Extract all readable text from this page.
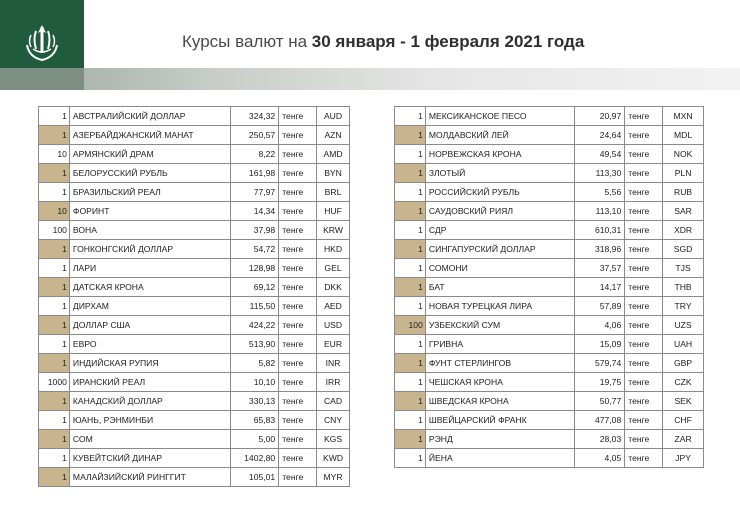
Курсы валют на 30 января - 1 февраля 2021 года
1	АВСТРАЛИЙСКИЙ ДОЛЛАР	324,32	тенге	AUD
1	АЗЕРБАЙДЖАНСКИЙ МАНАТ	250,57	тенге	AZN
10	АРМЯНСКИЙ ДРАМ	8,22	тенге	AMD
1	БЕЛОРУССКИЙ РУБЛЬ	161,98	тенге	BYN
1	БРАЗИЛЬСКИЙ РЕАЛ	77,97	тенге	BRL
10	ФОРИНТ	14,34	тенге	HUF
100	ВОНА	37,98	тенге	KRW
1	ГОНКОНГСКИЙ ДОЛЛАР	54,72	тенге	HKD
1	ЛАРИ	128,98	тенге	GEL
1	ДАТСКАЯ КРОНА	69,12	тенге	DKK
1	ДИРХАМ	115,50	тенге	AED
1	ДОЛЛАР США	424,22	тенге	USD
1	ЕВРО	513,90	тенге	EUR
1	ИНДИЙСКАЯ РУПИЯ	5,82	тенге	INR
1000	ИРАНСКИЙ РЕАЛ	10,10	тенге	IRR
1	КАНАДСКИЙ ДОЛЛАР	330,13	тенге	CAD
1	ЮАНЬ, РЭНМИНБИ	65,83	тенге	CNY
1	СОМ	5,00	тенге	KGS
1	КУВЕЙТСКИЙ ДИНАР	1402,80	тенге	KWD
1	МАЛАЙЗИЙСКИЙ РИНГГИТ	105,01	тенге	MYR
1	МЕКСИКАНСКОЕ ПЕСО	20,97	тенге	MXN
1	МОЛДАВСКИЙ ЛЕЙ	24,64	тенге	MDL
1	НОРВЕЖСКАЯ КРОНА	49,54	тенге	NOK
1	ЗЛОТЫЙ	113,30	тенге	PLN
1	РОССИЙСКИЙ РУБЛЬ	5,56	тенге	RUB
1	САУДОВСКИЙ РИЯЛ	113,10	тенге	SAR
1	СДР	610,31	тенге	XDR
1	СИНГАПУРСКИЙ ДОЛЛАР	318,96	тенге	SGD
1	СОМОНИ	37,57	тенге	TJS
1	БАТ	14,17	тенге	THB
1	НОВАЯ ТУРЕЦКАЯ ЛИРА	57,89	тенге	TRY
100	УЗБЕКСКИЙ СУМ	4,06	тенге	UZS
1	ГРИВНА	15,09	тенге	UAH
1	ФУНТ СТЕРЛИНГОВ	579,74	тенге	GBP
1	ЧЕШСКАЯ КРОНА	19,75	тенге	CZK
1	ШВЕДСКАЯ КРОНА	50,77	тенге	SEK
1	ШВЕЙЦАРСКИЙ ФРАНК	477,08	тенге	CHF
1	РЭНД	28,03	тенге	ZAR
1	ЙЕНА	4,05	тенге	JPY
